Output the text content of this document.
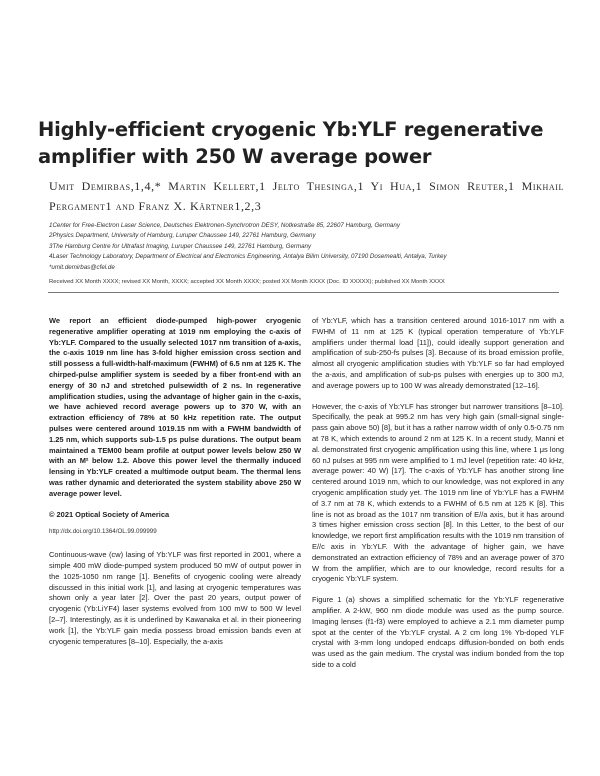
Highly-efficient cryogenic Yb:YLF regenerative amplifier with 250 W average power
Umit Demirbas,1,4,* Martin Kellert,1 Jelto Thesinga,1 Yi Hua,1 Simon Reuter,1 Mikhail Pergament1 and Franz X. Kärtner1,2,3
1Center for Free-Electron Laser Science, Deutsches Elektronen-Synchrotron DESY, Notkestraße 85, 22607 Hamburg, Germany
2Physics Department, University of Hamburg, Luruper Chaussee 149, 22761 Hamburg, Germany
3The Hamburg Centre for Ultrafast Imaging, Luruper Chaussee 149, 22761 Hamburg, Germany
4Laser Technology Laboratory, Department of Electrical and Electronics Engineering, Antalya Bilim University, 07190 Dosemealti, Antalya, Turkey
*umit.demirbas@cfel.de
Received XX Month XXXX; revised XX Month, XXXX; accepted XX Month XXXX; posted XX Month XXXX (Doc. ID XXXXX); published XX Month XXXX

We report an efficient diode-pumped high-power cryogenic regenerative amplifier operating at 1019 nm employing the c-axis of Yb:YLF. Compared to the usually selected 1017 nm transition of a-axis, the c-axis 1019 nm line has 3-fold higher emission cross section and still possess a full-width-half-maximum (FWHM) of 6.5 nm at 125 K. The chirped-pulse amplifier system is seeded by a fiber front-end with an energy of 30 nJ and stretched pulsewidth of 2 ns. In regenerative amplification studies, using the advantage of higher gain in the c-axis, we have achieved record average powers up to 370 W, with an extraction efficiency of 78% at 50 kHz repetition rate. The output pulses were centered around 1019.15 nm with a FWHM bandwidth of 1.25 nm, which supports sub-1.5 ps pulse durations. The output beam maintained a TEM00 beam profile at output power levels below 250 W with an M² below 1.2. Above this power level the thermally induced lensing in Yb:YLF created a multimode output beam. The thermal lens was rather dynamic and deteriorated the system stability above 250 W average power level.

© 2021 Optical Society of America

http://dx.doi.org/10.1364/OL.99.099999

Continuous-wave (cw) lasing of Yb:YLF was first reported in 2001, where a simple 400 mW diode-pumped system produced 50 mW of output power in the 1025-1050 nm range [1]. Benefits of cryogenic cooling were already discussed in this initial work [1], and lasing at cryogenic temperatures was shown only a year later [2]. Over the past 20 years, output power of cryogenic (Yb:LiYF4) laser systems evolved from 100 mW to 500 W level [2–7]. Interestingly, as it is underlined by Kawanaka et al. in their pioneering work [1], the Yb:YLF gain media possess broad emission bands even at cryogenic temperatures [8–10]. Especially, the a-axis

of Yb:YLF, which has a transition centered around 1016-1017 nm with a FWHM of 11 nm at 125 K (typical operation temperature of Yb:YLF amplifiers under thermal load [11]), could ideally support generation and amplification of sub-250-fs pulses [3]. Because of its broad emission profile, almost all cryogenic amplification studies with Yb:YLF so far had employed the a-axis, and amplification of sub-ps pulses with energies up to 300 mJ, and average powers up to 100 W was already demonstrated [12–16].

However, the c-axis of Yb:YLF has stronger but narrower transitions [8–10]. Specifically, the peak at 995.2 nm has very high gain (small-signal single-pass gain above 50) [8], but it has a rather narrow width of only 0.5-0.75 nm at 78 K, which extends to around 2 nm at 125 K. In a recent study, Manni et al. demonstrated first cryogenic amplification using this line, where 1 μs long 60 nJ pulses at 995 nm were amplified to 1 mJ level (repetition rate: 40 kHz, average power: 40 W) [17]. The c-axis of Yb:YLF has another strong line centered around 1019 nm, which to our knowledge, was not explored in any cryogenic amplification study yet. The 1019 nm line of Yb:YLF has a FWHM of 3.7 nm at 78 K, which extends to a FWHM of 6.5 nm at 125 K [8]. This line is not as broad as the 1017 nm transition of E//a axis, but it has around 3 times higher emission cross section [8]. In this Letter, to the best of our knowledge, we report first amplification results with the 1019 nm transition of E//c axis in Yb:YLF. With the advantage of higher gain, we have demonstrated an extraction efficiency of 78% and an average power of 370 W from the amplifier, which are to our knowledge, record results for a cryogenic Yb:YLF system.

Figure 1 (a) shows a simplified schematic for the Yb:YLF regenerative amplifier. A 2-kW, 960 nm diode module was used as the pump source. Imaging lenses (f1-f3) were employed to achieve a 2.1 mm diameter pump spot at the center of the Yb:YLF crystal. A 2 cm long 1% Yb-doped YLF crystal with 3-mm long undoped endcaps diffusion-bonded on both ends was used as the gain medium. The crystal was indium bonded from the top side to a cold
